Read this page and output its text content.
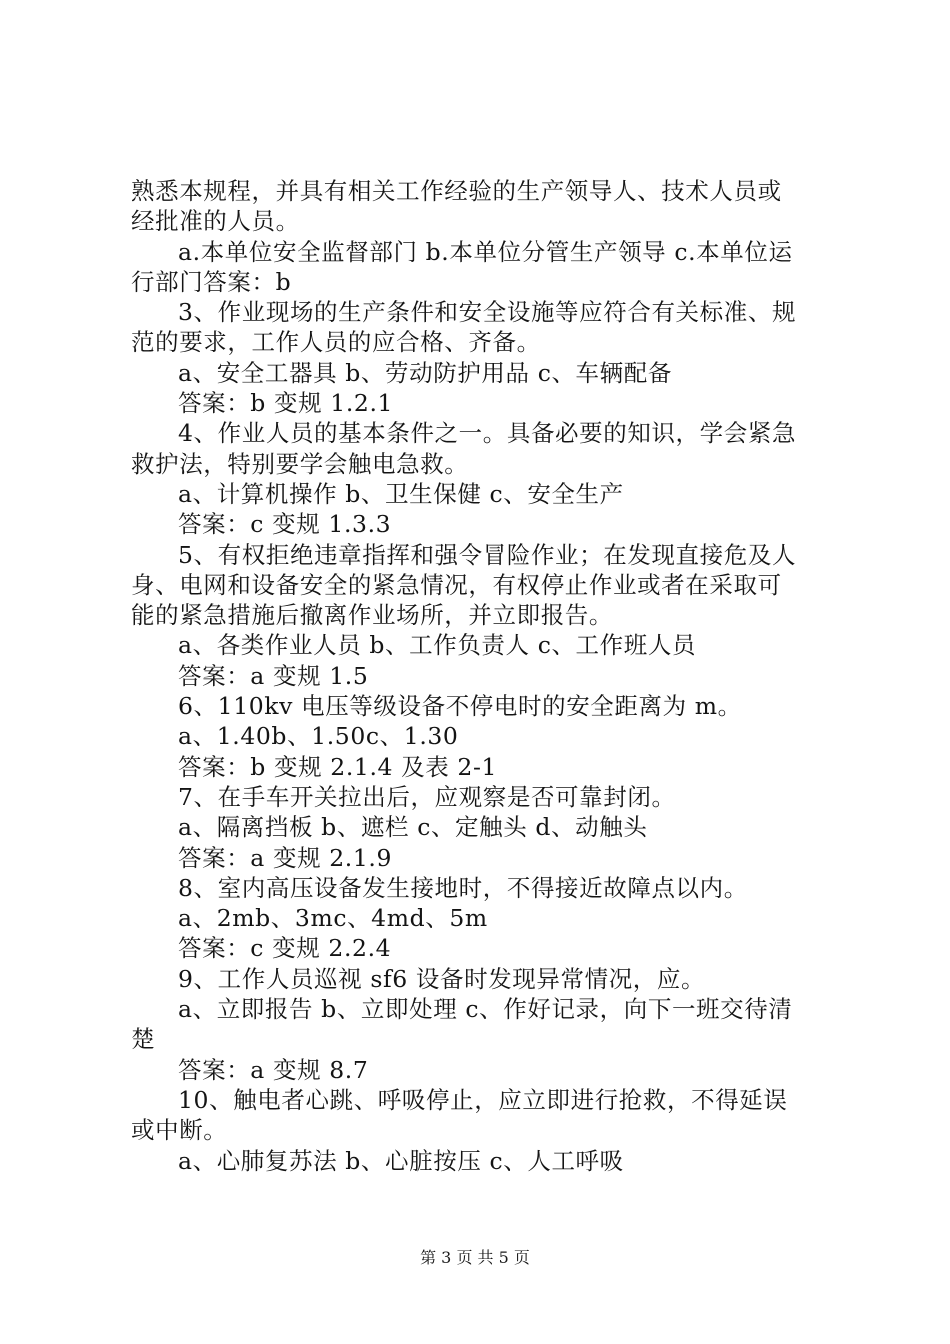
熟悉本规程，并具有相关工作经验的生产领导人、技术人员或
经批准的人员。
a.本单位安全监督部门 b.本单位分管生产领导 c.本单位运
行部门答案：b
3、作业现场的生产条件和安全设施等应符合有关标准、规
范的要求，工作人员的应合格、齐备。
a、安全工器具 b、劳动防护用品 c、车辆配备
答案：b 变规 1.2.1
4、作业人员的基本条件之一。具备必要的知识，学会紧急
救护法，特别要学会触电急救。
a、计算机操作 b、卫生保健 c、安全生产
答案：c 变规 1.3.3
5、有权拒绝违章指挥和强令冒险作业；在发现直接危及人
身、电网和设备安全的紧急情况，有权停止作业或者在采取可
能的紧急措施后撤离作业场所，并立即报告。
a、各类作业人员 b、工作负责人 c、工作班人员
答案：a 变规 1.5
6、110kv 电压等级设备不停电时的安全距离为 m。
a、1.40b、1.50c、1.30
答案：b 变规 2.1.4 及表 2-1
7、在手车开关拉出后，应观察是否可靠封闭。
a、隔离挡板 b、遮栏 c、定触头 d、动触头
答案：a 变规 2.1.9
8、室内高压设备发生接地时，不得接近故障点以内。
a、2mb、3mc、4md、5m
答案：c 变规 2.2.4
9、工作人员巡视 sf6 设备时发现异常情况，应。
a、立即报告 b、立即处理 c、作好记录，向下一班交待清
楚
答案：a 变规 8.7
10、触电者心跳、呼吸停止，应立即进行抢救，不得延误
或中断。
a、心肺复苏法 b、心脏按压 c、人工呼吸
第 3 页 共 5 页
